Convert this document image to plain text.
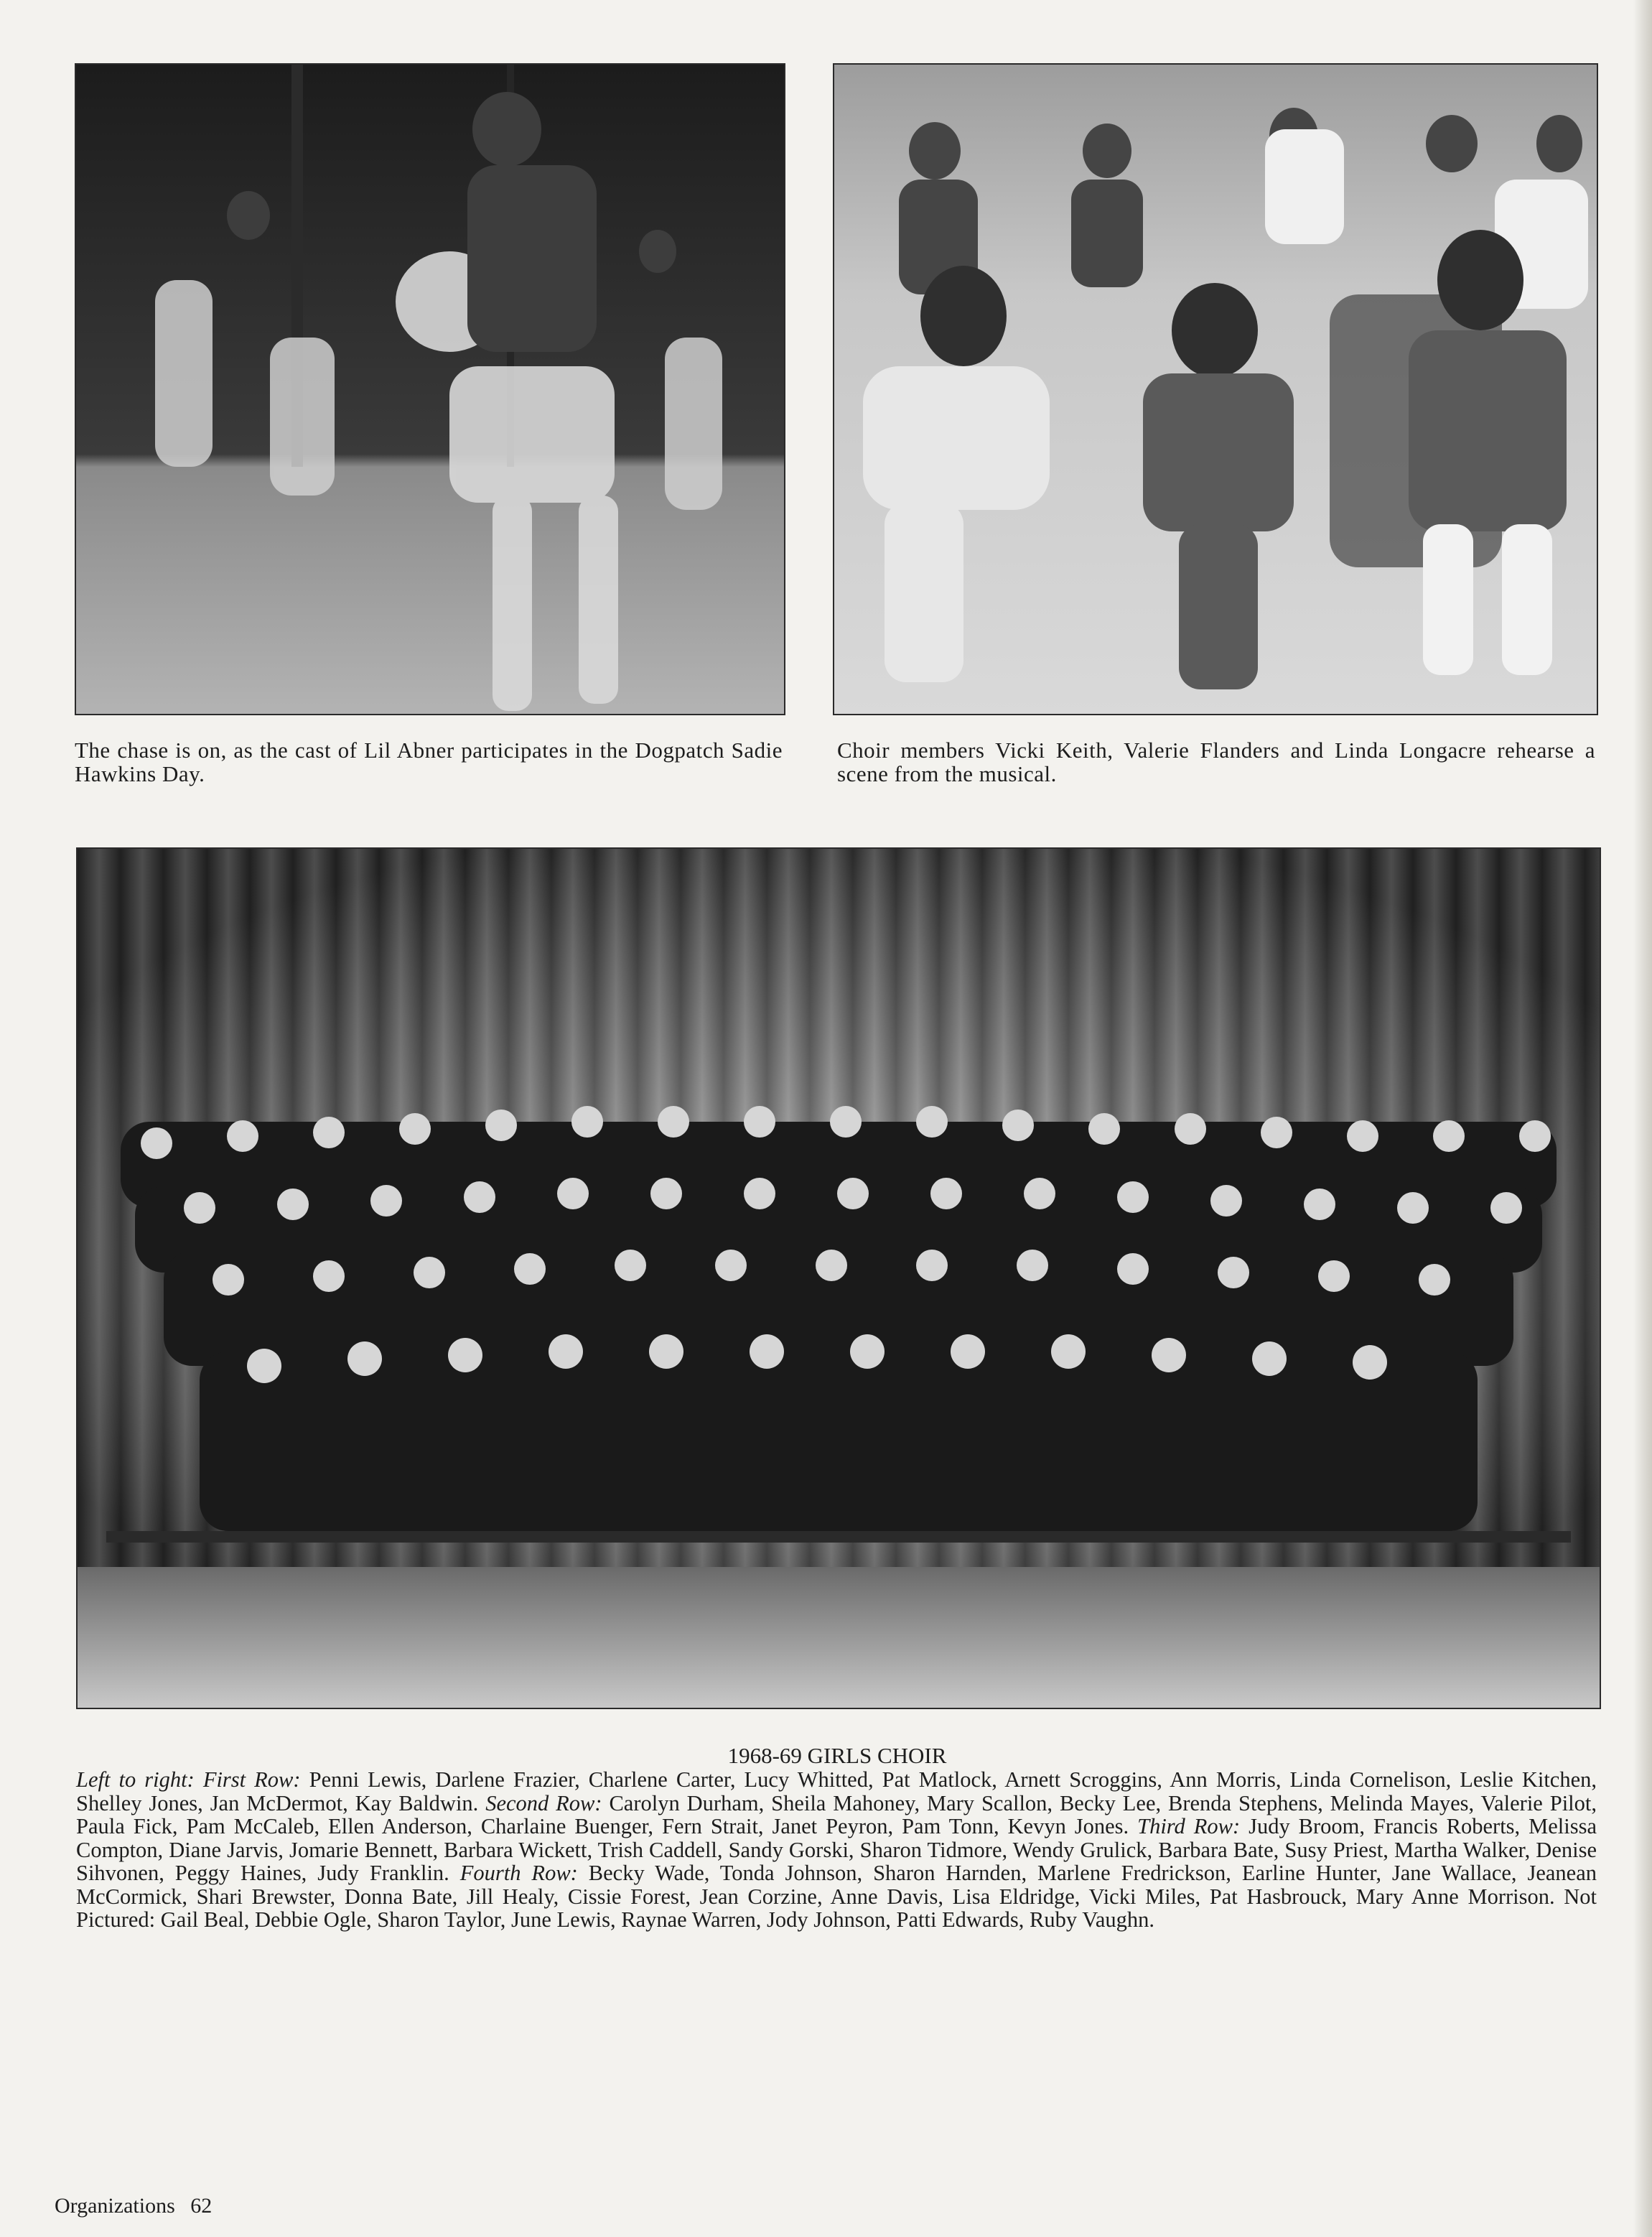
The chase is on, as the cast of Lil Abner participates in the Dogpatch Sadie Hawkins Day.
Choir members Vicki Keith, Valerie Flanders and Linda Longacre rehearse a scene from the musical.
1968-69 GIRLS CHOIR
Left to right: First Row: Penni Lewis, Darlene Frazier, Charlene Carter, Lucy Whitted, Pat Matlock, Arnett Scroggins, Ann Morris, Linda Cornelison, Leslie Kitchen, Shelley Jones, Jan McDermot, Kay Baldwin. Second Row: Carolyn Durham, Sheila Mahoney, Mary Scallon, Becky Lee, Brenda Stephens, Melinda Mayes, Valerie Pilot, Paula Fick, Pam McCaleb, Ellen Anderson, Charlaine Buenger, Fern Strait, Janet Peyron, Pam Tonn, Kevyn Jones. Third Row: Judy Broom, Francis Roberts, Melissa Compton, Diane Jarvis, Jomarie Bennett, Barbara Wickett, Trish Caddell, Sandy Gorski, Sharon Tidmore, Wendy Grulick, Barbara Bate, Susy Priest, Martha Walker, Denise Sihvonen, Peggy Haines, Judy Franklin. Fourth Row: Becky Wade, Tonda Johnson, Sharon Harnden, Marlene Fredrickson, Earline Hunter, Jane Wallace, Jeanean McCormick, Shari Brewster, Donna Bate, Jill Healy, Cissie Forest, Jean Corzine, Anne Davis, Lisa Eldridge, Vicki Miles, Pat Hasbrouck, Mary Anne Morrison. Not Pictured: Gail Beal, Debbie Ogle, Sharon Taylor, June Lewis, Raynae Warren, Jody Johnson, Patti Edwards, Ruby Vaughn.
Organizations 62
